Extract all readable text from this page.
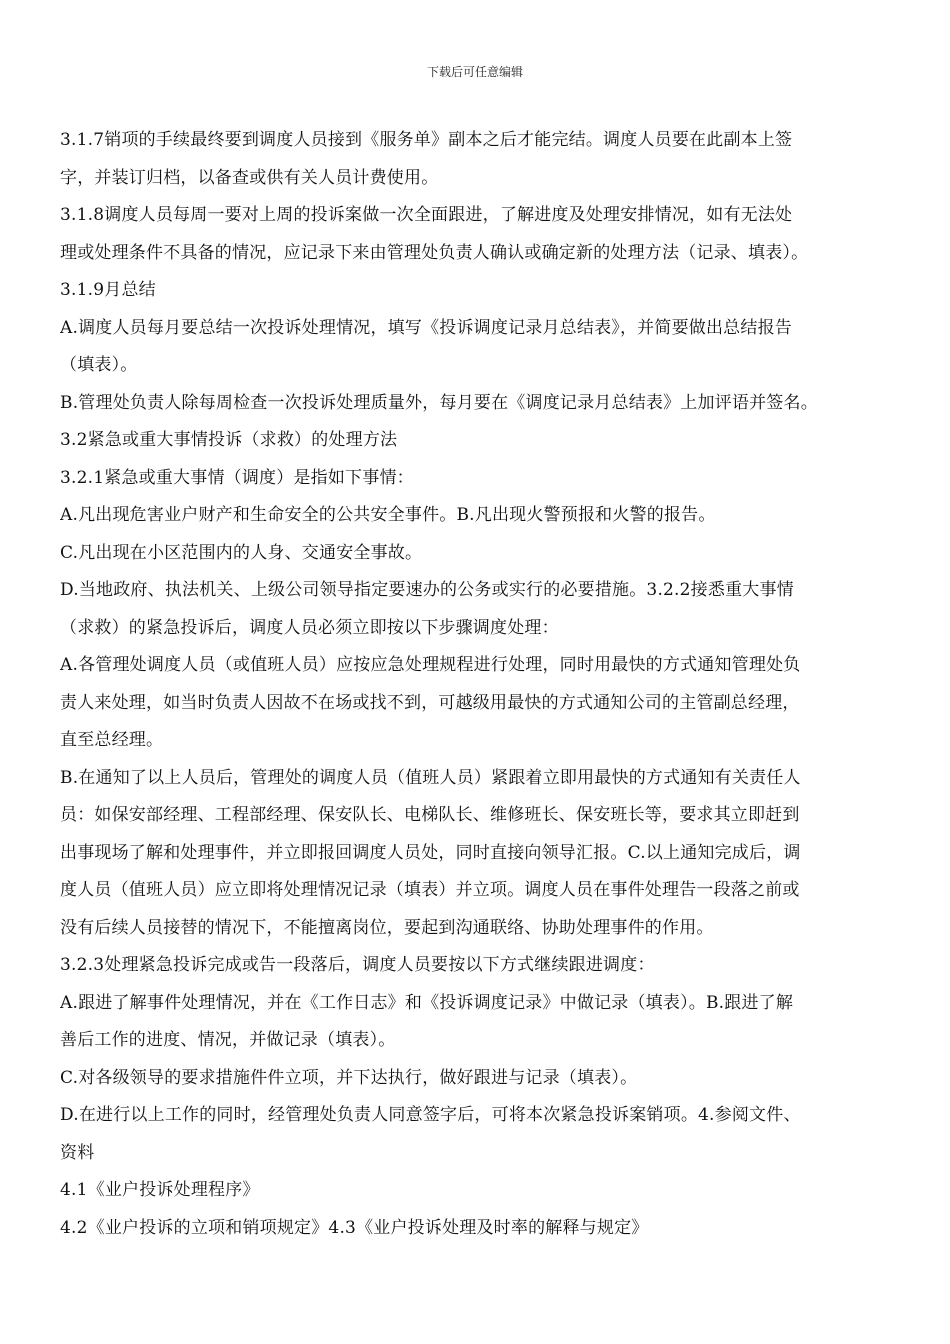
下载后可任意编辑
3.1.7销项的手续最终要到调度人员接到《服务单》副本之后才能完结。调度人员要在此副本上签
字，并装订归档，以备查或供有关人员计费使用。
3.1.8调度人员每周一要对上周的投诉案做一次全面跟进，了解进度及处理安排情况，如有无法处
理或处理条件不具备的情况，应记录下来由管理处负责人确认或确定新的处理方法（记录、填表）。
3.1.9月总结
A.调度人员每月要总结一次投诉处理情况，填写《投诉调度记录月总结表》，并简要做出总结报告
（填表）。
B.管理处负责人除每周检查一次投诉处理质量外，每月要在《调度记录月总结表》上加评语并签名。
3.2紧急或重大事情投诉（求救）的处理方法
3.2.1紧急或重大事情（调度）是指如下事情：
A.凡出现危害业户财产和生命安全的公共安全事件。B.凡出现火警预报和火警的报告。
C.凡出现在小区范围内的人身、交通安全事故。
D.当地政府、执法机关、上级公司领导指定要速办的公务或实行的必要措施。3.2.2接悉重大事情
（求救）的紧急投诉后，调度人员必须立即按以下步骤调度处理：
A.各管理处调度人员（或值班人员）应按应急处理规程进行处理，同时用最快的方式通知管理处负
责人来处理，如当时负责人因故不在场或找不到，可越级用最快的方式通知公司的主管副总经理，
直至总经理。
B.在通知了以上人员后，管理处的调度人员（值班人员）紧跟着立即用最快的方式通知有关责任人
员：如保安部经理、工程部经理、保安队长、电梯队长、维修班长、保安班长等，要求其立即赶到
出事现场了解和处理事件，并立即报回调度人员处，同时直接向领导汇报。C.以上通知完成后，调
度人员（值班人员）应立即将处理情况记录（填表）并立项。调度人员在事件处理告一段落之前或
没有后续人员接替的情况下，不能擅离岗位，要起到沟通联络、协助处理事件的作用。
3.2.3处理紧急投诉完成或告一段落后，调度人员要按以下方式继续跟进调度：
A.跟进了解事件处理情况，并在《工作日志》和《投诉调度记录》中做记录（填表）。B.跟进了解
善后工作的进度、情况，并做记录（填表）。
C.对各级领导的要求措施件件立项，并下达执行，做好跟进与记录（填表）。
D.在进行以上工作的同时，经管理处负责人同意签字后，可将本次紧急投诉案销项。4.参阅文件、
资料
4.1《业户投诉处理程序》
4.2《业户投诉的立项和销项规定》4.3《业户投诉处理及时率的解释与规定》
